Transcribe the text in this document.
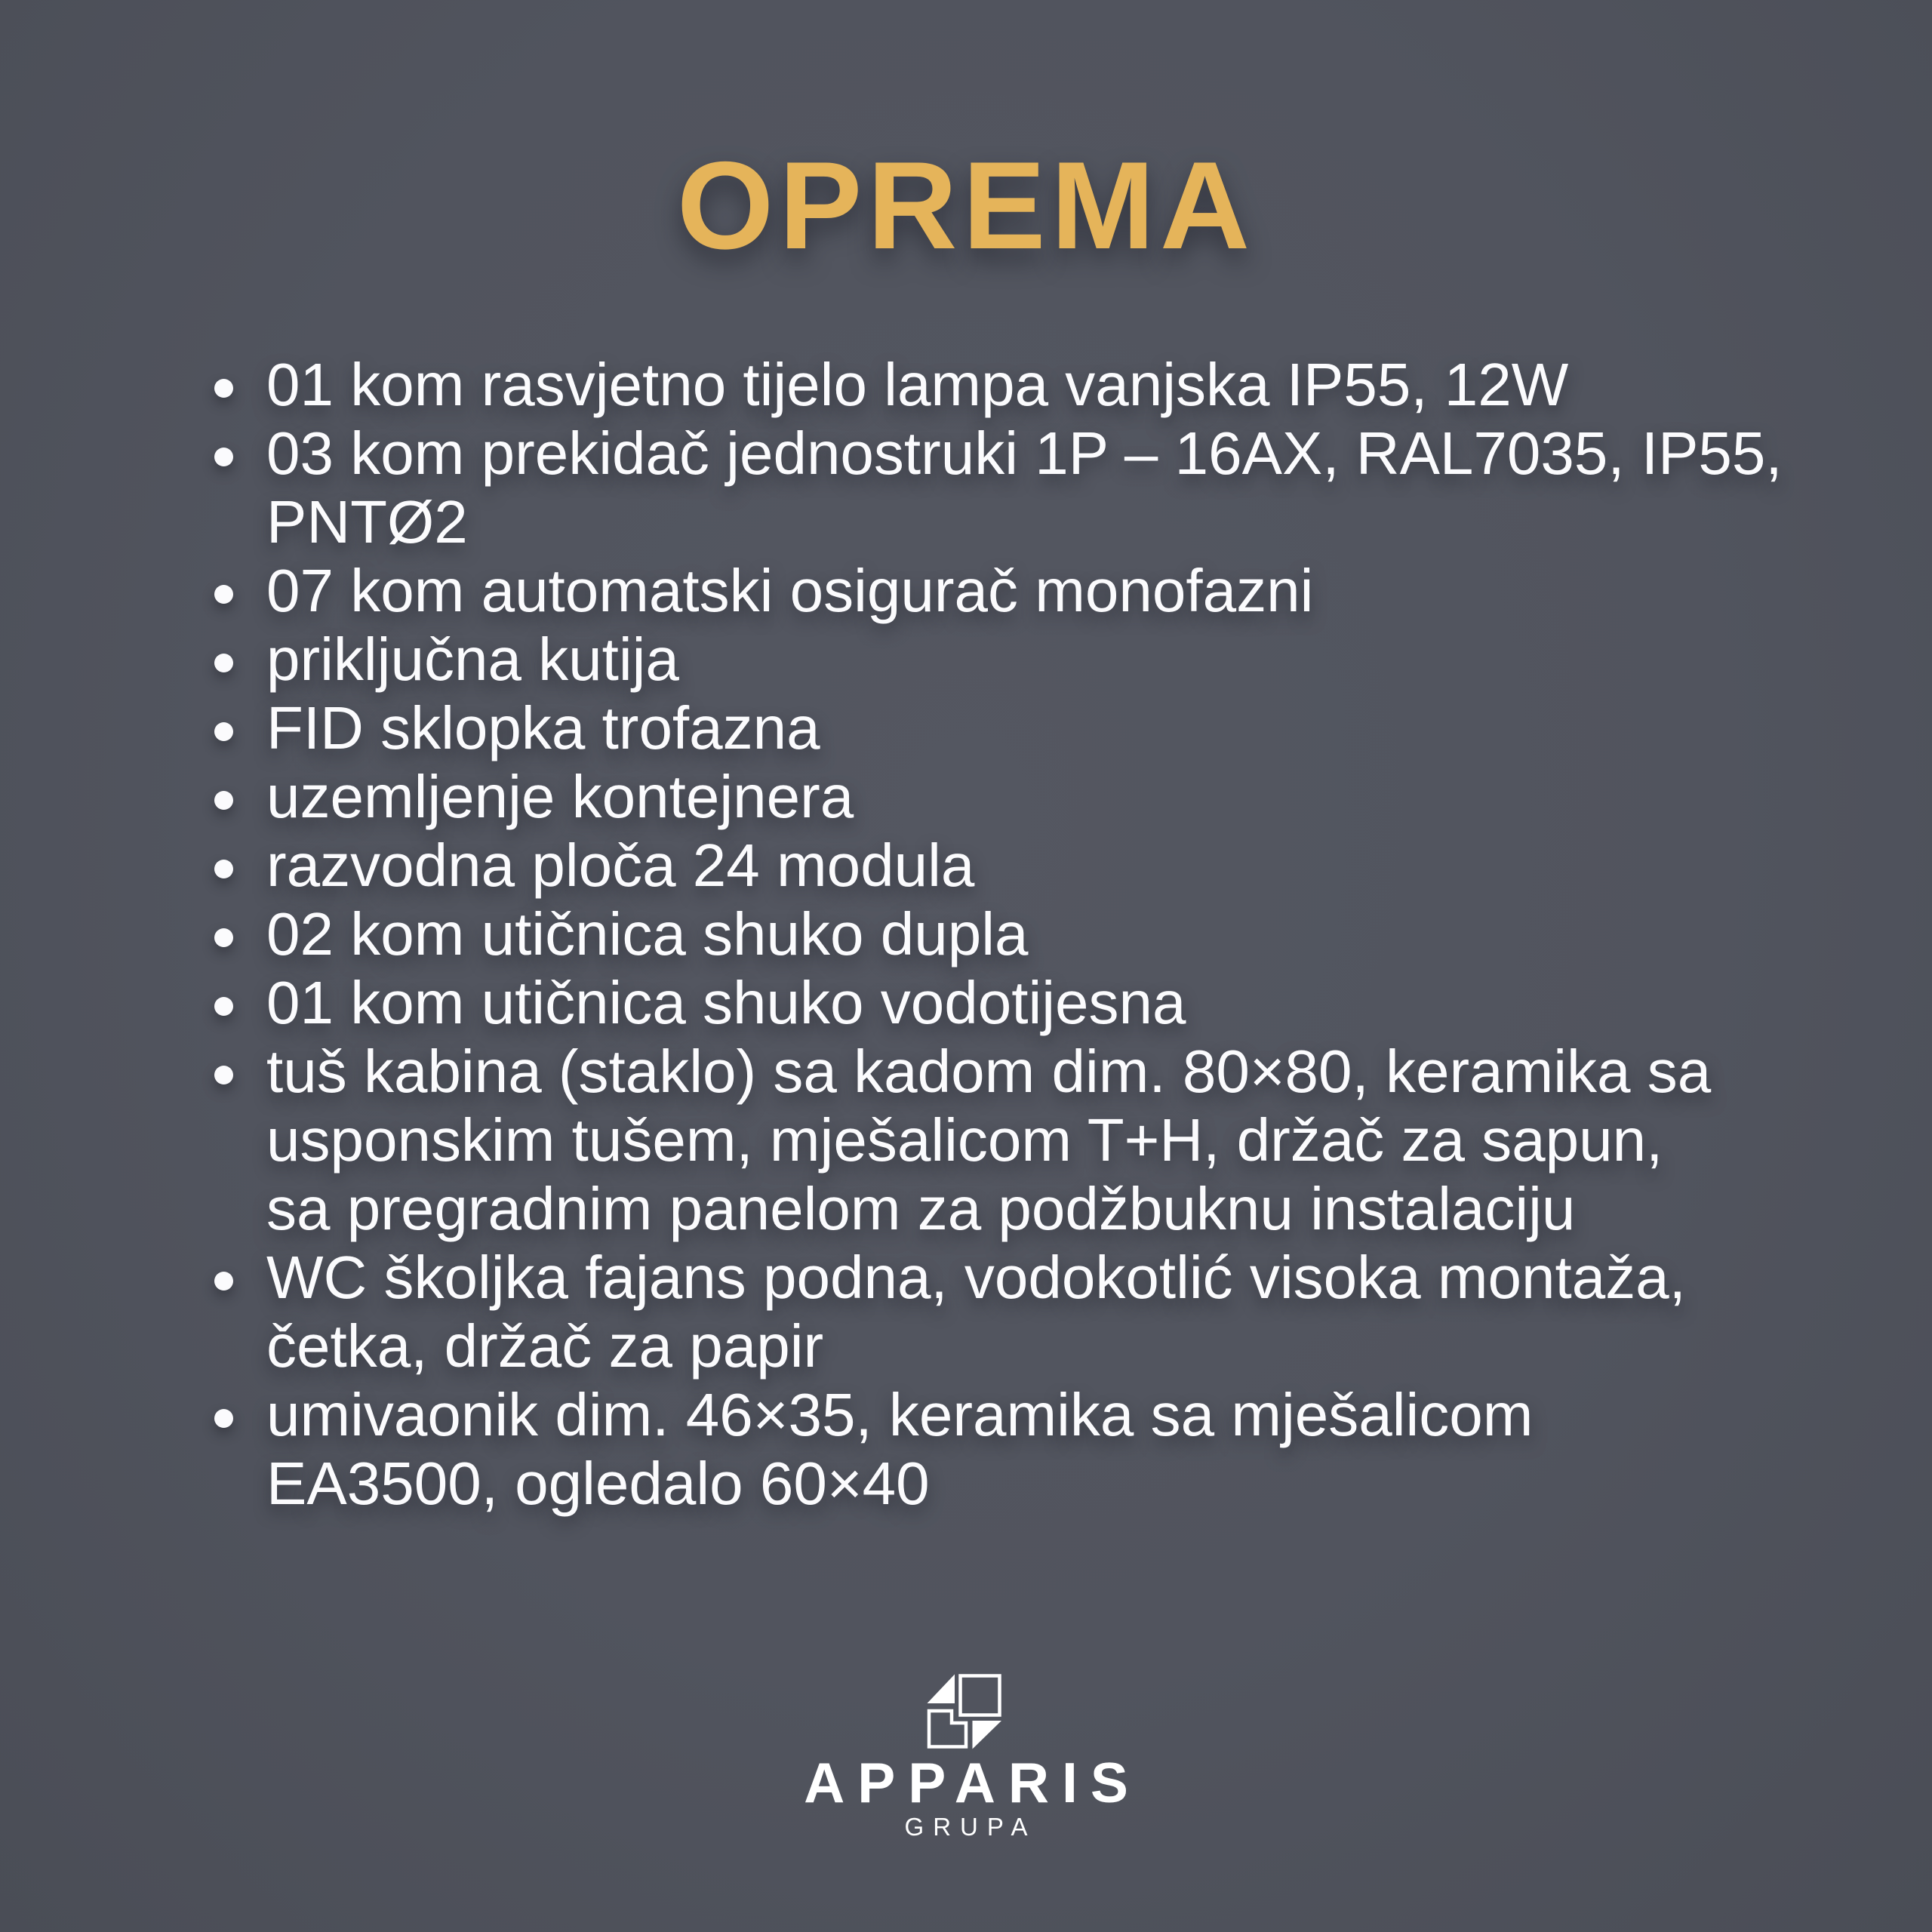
OPREMA
01 kom rasvjetno tijelo lampa vanjska IP55, 12W
03 kom prekidač jednostruki 1P – 16AX, RAL7035, IP55,
PNTØ2
07 kom automatski osigurač monofazni
priključna kutija
FID sklopka trofazna
uzemljenje kontejnera
razvodna ploča 24 modula
02 kom utičnica shuko dupla
01 kom utičnica shuko vodotijesna
tuš kabina (staklo) sa kadom dim. 80×80, keramika sa
usponskim tušem, mješalicom T+H, držač za sapun,
sa pregradnim panelom za podžbuknu instalaciju
WC školjka fajans podna, vodokotlić visoka montaža,
četka, držač za papir
umivaonik dim. 46×35, keramika sa mješalicom
EA3500, ogledalo 60×40
APPARIS
GRUPA
